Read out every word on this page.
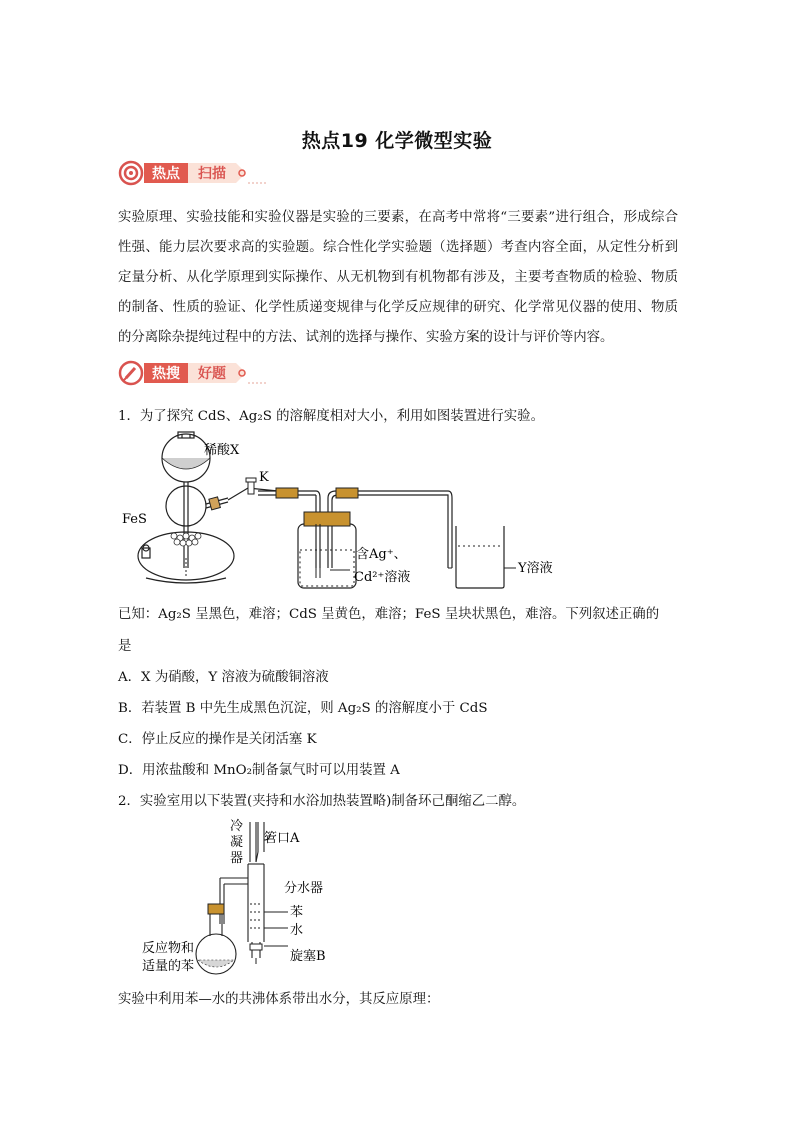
热点19 化学微型实验
热点 扫描
实验原理、实验技能和实验仪器是实验的三要素，在高考中常将“三要素”进行组合，形成综合性强、能力层次要求高的实验题。综合性化学实验题（选择题）考查内容全面，从定性分析到定量分析、从化学原理到实际操作、从无机物到有机物都有涉及，主要考查物质的检验、物质的制备、性质的验证、化学性质递变规律与化学反应规律的研究、化学常见仪器的使用、物质的分离除杂提纯过程中的方法、试剂的选择与操作、实验方案的设计与评价等内容。
热搜 好题
1．为了探究 CdS、Ag₂S 的溶解度相对大小，利用如图装置进行实验。
稀酸X
K
FeS
含Ag⁺、
Cd²⁺溶液
Y溶液
已知：Ag₂S 呈黑色，难溶；CdS 呈黄色，难溶；FeS 呈块状黑色，难溶。下列叙述正确的
是
A．X 为硝酸，Y 溶液为硫酸铜溶液
B．若装置 B 中先生成黑色沉淀，则 Ag₂S 的溶解度小于 CdS
C．停止反应的操作是关闭活塞 K
D．用浓盐酸和 MnO₂制备氯气时可以用装置 A
2．实验室用以下装置(夹持和水浴加热装置略)制备环己酮缩乙二醇。
冷
凝
器
管口A
分水器
苯
水
旋塞B
反应物和
适量的苯
实验中利用苯—水的共沸体系带出水分，其反应原理：
